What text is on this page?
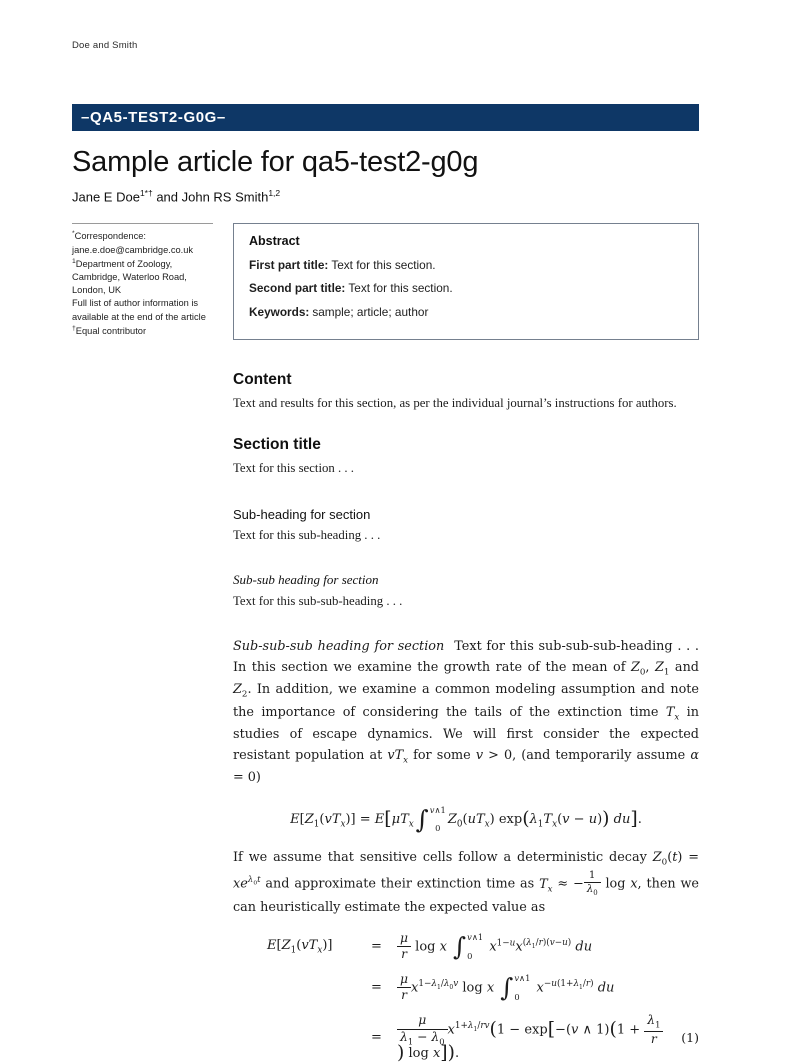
Doe and Smith
–QA5-TEST2-G0G–
Sample article for qa5-test2-g0g
Jane E Doe$^{1*\dagger}$ and John RS Smith$^{1,2}$
*Correspondence:
jane.e.doe@cambridge.co.uk
$^1$Department of Zoology,
Cambridge, Waterloo Road,
London, UK
Full list of author information is
available at the end of the article
†Equal contributor
Abstract
First part title: Text for this section.
Second part title: Text for this section.
Keywords: sample; article; author
Content

Text and results for this section, as per the individual journal’s instructions for authors.

Section title

Text for this section . . .

Sub-heading for section

Text for this sub-heading . . .

Sub-sub heading for section

Text for this sub-sub-heading . . .

Sub-sub-sub heading for section Text for this sub-sub-sub-heading . . . In this section we examine the growth rate of the mean of $Z_0$, $Z_1$ and $Z_2$. In addition, we examine a common modeling assumption and note the importance of considering the tails of the extinction time $T_x$ in studies of escape dynamics. We will first consider the expected resistant population at $vT_x$ for some v > 0, (and temporarily assume α = 0)

$E[Z_1(vT_x)] = E[\mu T_x$ ∫ v∧1
0
$Z_0(uT_x) \exp(\lambda_1T_x(v - u))$ du].

If we assume that sensitive cells follow a deterministic decay $Z_0(t) = xe^{\lambda_0t}$ and approximate their extinction time as $T_x$ ≈ − $\frac{1}{\lambda_0}$ log x, then we can heuristically estimate the expected value as

$E[Z_1(vT_x)]$	=	$\frac{\mu}{r}$ log x ∫ v∧1
0
$x^{1-u}x^{(\lambda_1/r)(v-u)}$ du
=	$\frac{\mu}{r} x^{1-\lambda_1/\lambda_0v}$ log x ∫ v∧1
0
$x^{-u(1+\lambda_1/r)}$ du
=	$\frac{\mu}{\lambda_1 - \lambda_0} x^{1+\lambda_1/rv}(1 - \exp[-(v$ ∧ $1)(1 + \frac{\lambda_1}{r}$
) log x]).
(1)
